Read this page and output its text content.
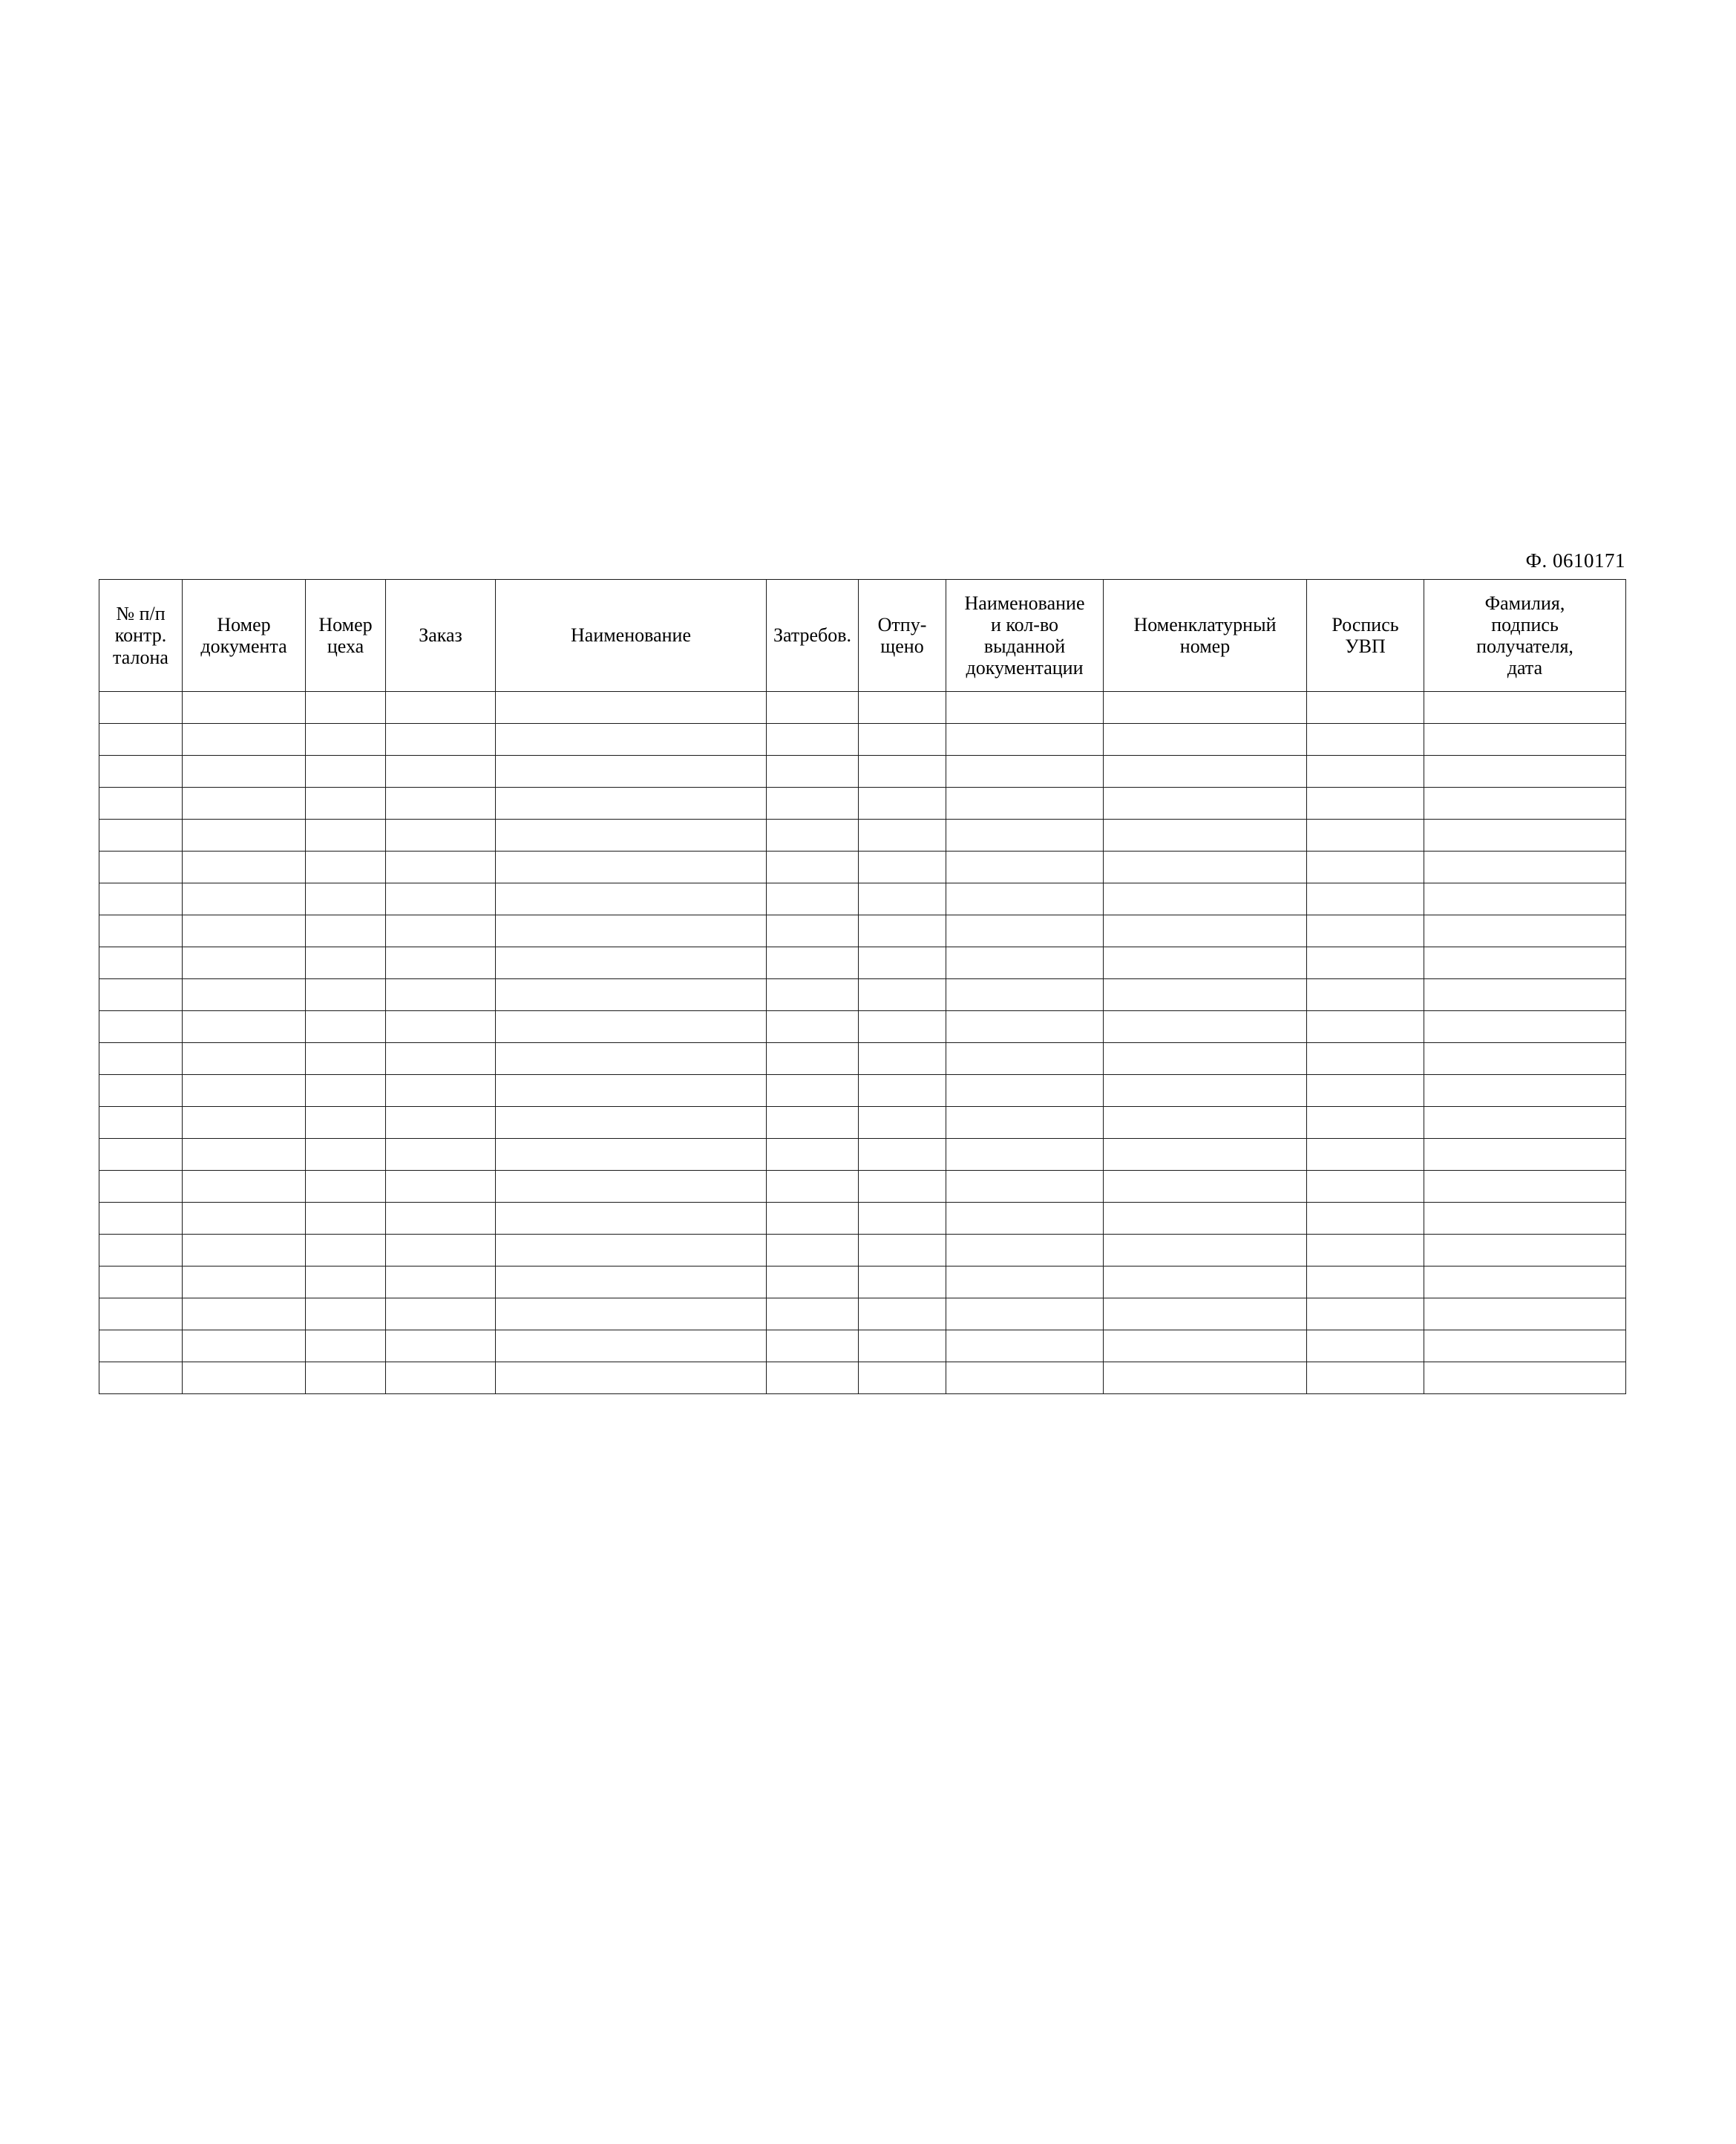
Ф. 0610171
№ п/п
контр.
талона	Номер
документа	Номер
цеха	Заказ	Наименование	Затребов.	Отпу-
щено	Наименование
и кол-во
выданной
документации	Номенклатурный
номер	Роспись
УВП	Фамилия,
подпись
получателя,
дата
